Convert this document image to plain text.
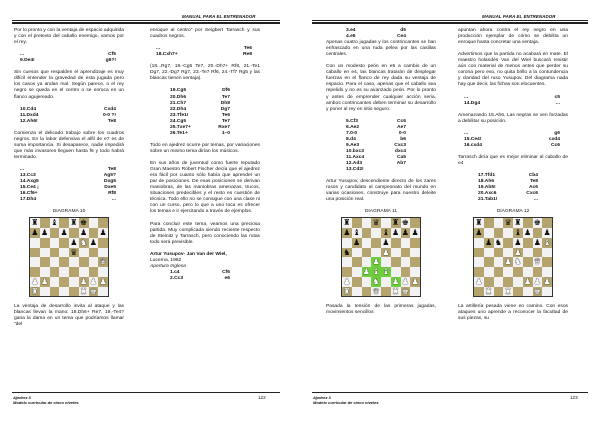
MANUAL PARA EL ENTRENADOR

Por lo pronto y con la ventaja de espacio adquirida y con el pretexto del caballo enemigo, vamos por el rey.

...	Cf5
9.De4!	g6?!

Sin cuesos que respalden el aprendizaje es muy difícil entender la gravedad de esta jugada pero los casos ya andan mal. Según parece, o el rey negro se queda en el centro o se enroca en un flanco agujereado.

10.Cd4	Cxd4
11.Dxd4	0-0 ?!
12.Ah6!	Te8

Comienza el delicado trabajo sobre los cuadros negros. En la labor defensiva el alfil de e7 es de suma importancia. Si desaparece, nadie impedirá que más invasores lleguen hasta f6 y todo habrá terminado.

...	Te8
13.Cc3	Ag5?
14.Axg5	Dxg5
15.Ce4 ¡	Dxe5
16.Cf6+	Rf8
17.Dh4	...
DIAGRAMA 10
♜ ♝ ♜ ♚
♟ ♟ ♟ ♟ ♟
♟ ♞ ♟
♛
♛
♟ ♟	♟ ♟ ♟
♜	♜ ♚

La ventaja de desarrollo invita al ataque y las blancas llevan la mano: 18.Dh6+ Re7, 19.-Te4? gana la dama en un tema que podríamos llamar “del

enroque al centro” por Seigbert Tarrasch y sus cuadros negros.

...	Te6
18.Cxh7+	Re8

(18...Rg7, 19.-Cg5 Te7, 20.-Dh7+ Rf8, 21.-Te1 Dg7, 22.-Dg7 Rg7, 23.-Te7 Rf6, 24.-Tf7 Rg5 y las blancas tienen ventaja).

19.Cg5	Df6
20.Dh6	Te7
21.Ch7	Dh8
22.Dh4	Dg7
23.Tfe1!	Te6
24.Cg5	Te7
25.Txe7+	Rxe7
26.Te1+	1–0

Todo en ajedrez ocurre por temas, por variaciones sobre un mismo tema dirían los músicos.

En sus años de juventud como fuerte reputado Gran Maestro Robert Fischer decía que el ajedrez era fácil por cuanto sólo había que aprender un par de posiciones. De esas posiciones se derivan maniobras, de las maniobras amenazas, trucos, situaciones predecibles y el resto es cuestión de técnica. Todo ello no se consigue con una clase ni con un curso, pero lo que a uno toca es ofrecer los temas e ir ejercitando a través de ejemplos.

Para concluir este tema, veamos una preciosa partida. Muy complicada siendo reciente respecto de Steinitz y Tarrasch, pero conociendo las rutas todo será previsible.

Artur Yusupov- Jan Van der Wiel,

Lucerna, 1982

Apertura Inglesa

1.c4	Cf6
2.Cc3	e6
Ajedrez 3
Modelo curricular de cinco niveles
122
MANUAL PARA EL ENTRENADOR
3.e4	d5
4.e5	Ce4

Apenas cuatro jugadas y los contrincantes se han enfrascado en una ruda pelea por las casillas centrales.

Con un modesto peón en e5 a cambio de un caballo en e4, las blancas tratarán de desplegar fuerzas en el flanco de rey dada su ventaja de espacio. Para el caso, apenas que el caballo sea repelido y no es su avanzado peón. Por lo pronto y antes de emprender cualquier acción seria, ambos contrincantes deben terminar su desarrollo y poner al rey en sitio seguro.

5.Cf3	Cc6
6.Ae2	Ae7
7.0-0	0-0
8.d4	b6
9.Ae3	Cxc3
10.bxc3	dxc4
11.Axc4	Ca5
12.Ad3	Ab7
13.Cd2!

Artur Yusupov, descendiente directo de los zares rusos y candidato al campeonato del mundo en varias ocasiones, construye para nuestro deleite una posición real.

DIAGRAMA 11
♜	♛ ♜ ♚
♟ ♝	♝ ♟ ♟ ♟
♟	♟
♞	♟
♟
♟ ♝ ♝
♟	♞ ♟ ♟ ♟
♜	♛ ♜ ♚

Pasada la tensión de las primeras jugadas, movimientos sencillos

apuntan ahora contra el rey negro en una producción ejemplar de cómo se debilita un enroque hasta concretar una ventaja.

Advertimos que la partida no acabará en mate. El maestro holandés Van del Wiel buscará resistir aún con material de menos antes que perder su corona pero eso, no quita brillo a la contundencia y claridad del ruso Yusupov. Del diagrama nada hay que decir, las fichas son elocuentes.

...	c5
14.Dg4	...

Amenazando 15.Ah6. Las negras se ven forzadas a debilitar su posición.

...	g6
15.Ce4!	cxd4
16.cxd4	Cc6

Tarrasch diría que es mejor eliminar al caballo de e4

17.Tfd1	Cb4
18.Ah6	Te8
19.Ab5!	Ac6
20.Axc6	Cxc6
21.Tab1!	...
DIAGRAMA 12
♜	♛ ♜ ♚
♟	♝ ♟ ♟
♟ ♞ ♟ ♟ ♝
♟
♟ ♞ ♛
♟	♟ ♟ ♟
♜ ♜	♚

La artillería pesada viene en camino. Con esos ataques uno aprende a reconocer la facultad de sus piezas, su

Ajedrez 3
Modelo curricular de cinco niveles
123
